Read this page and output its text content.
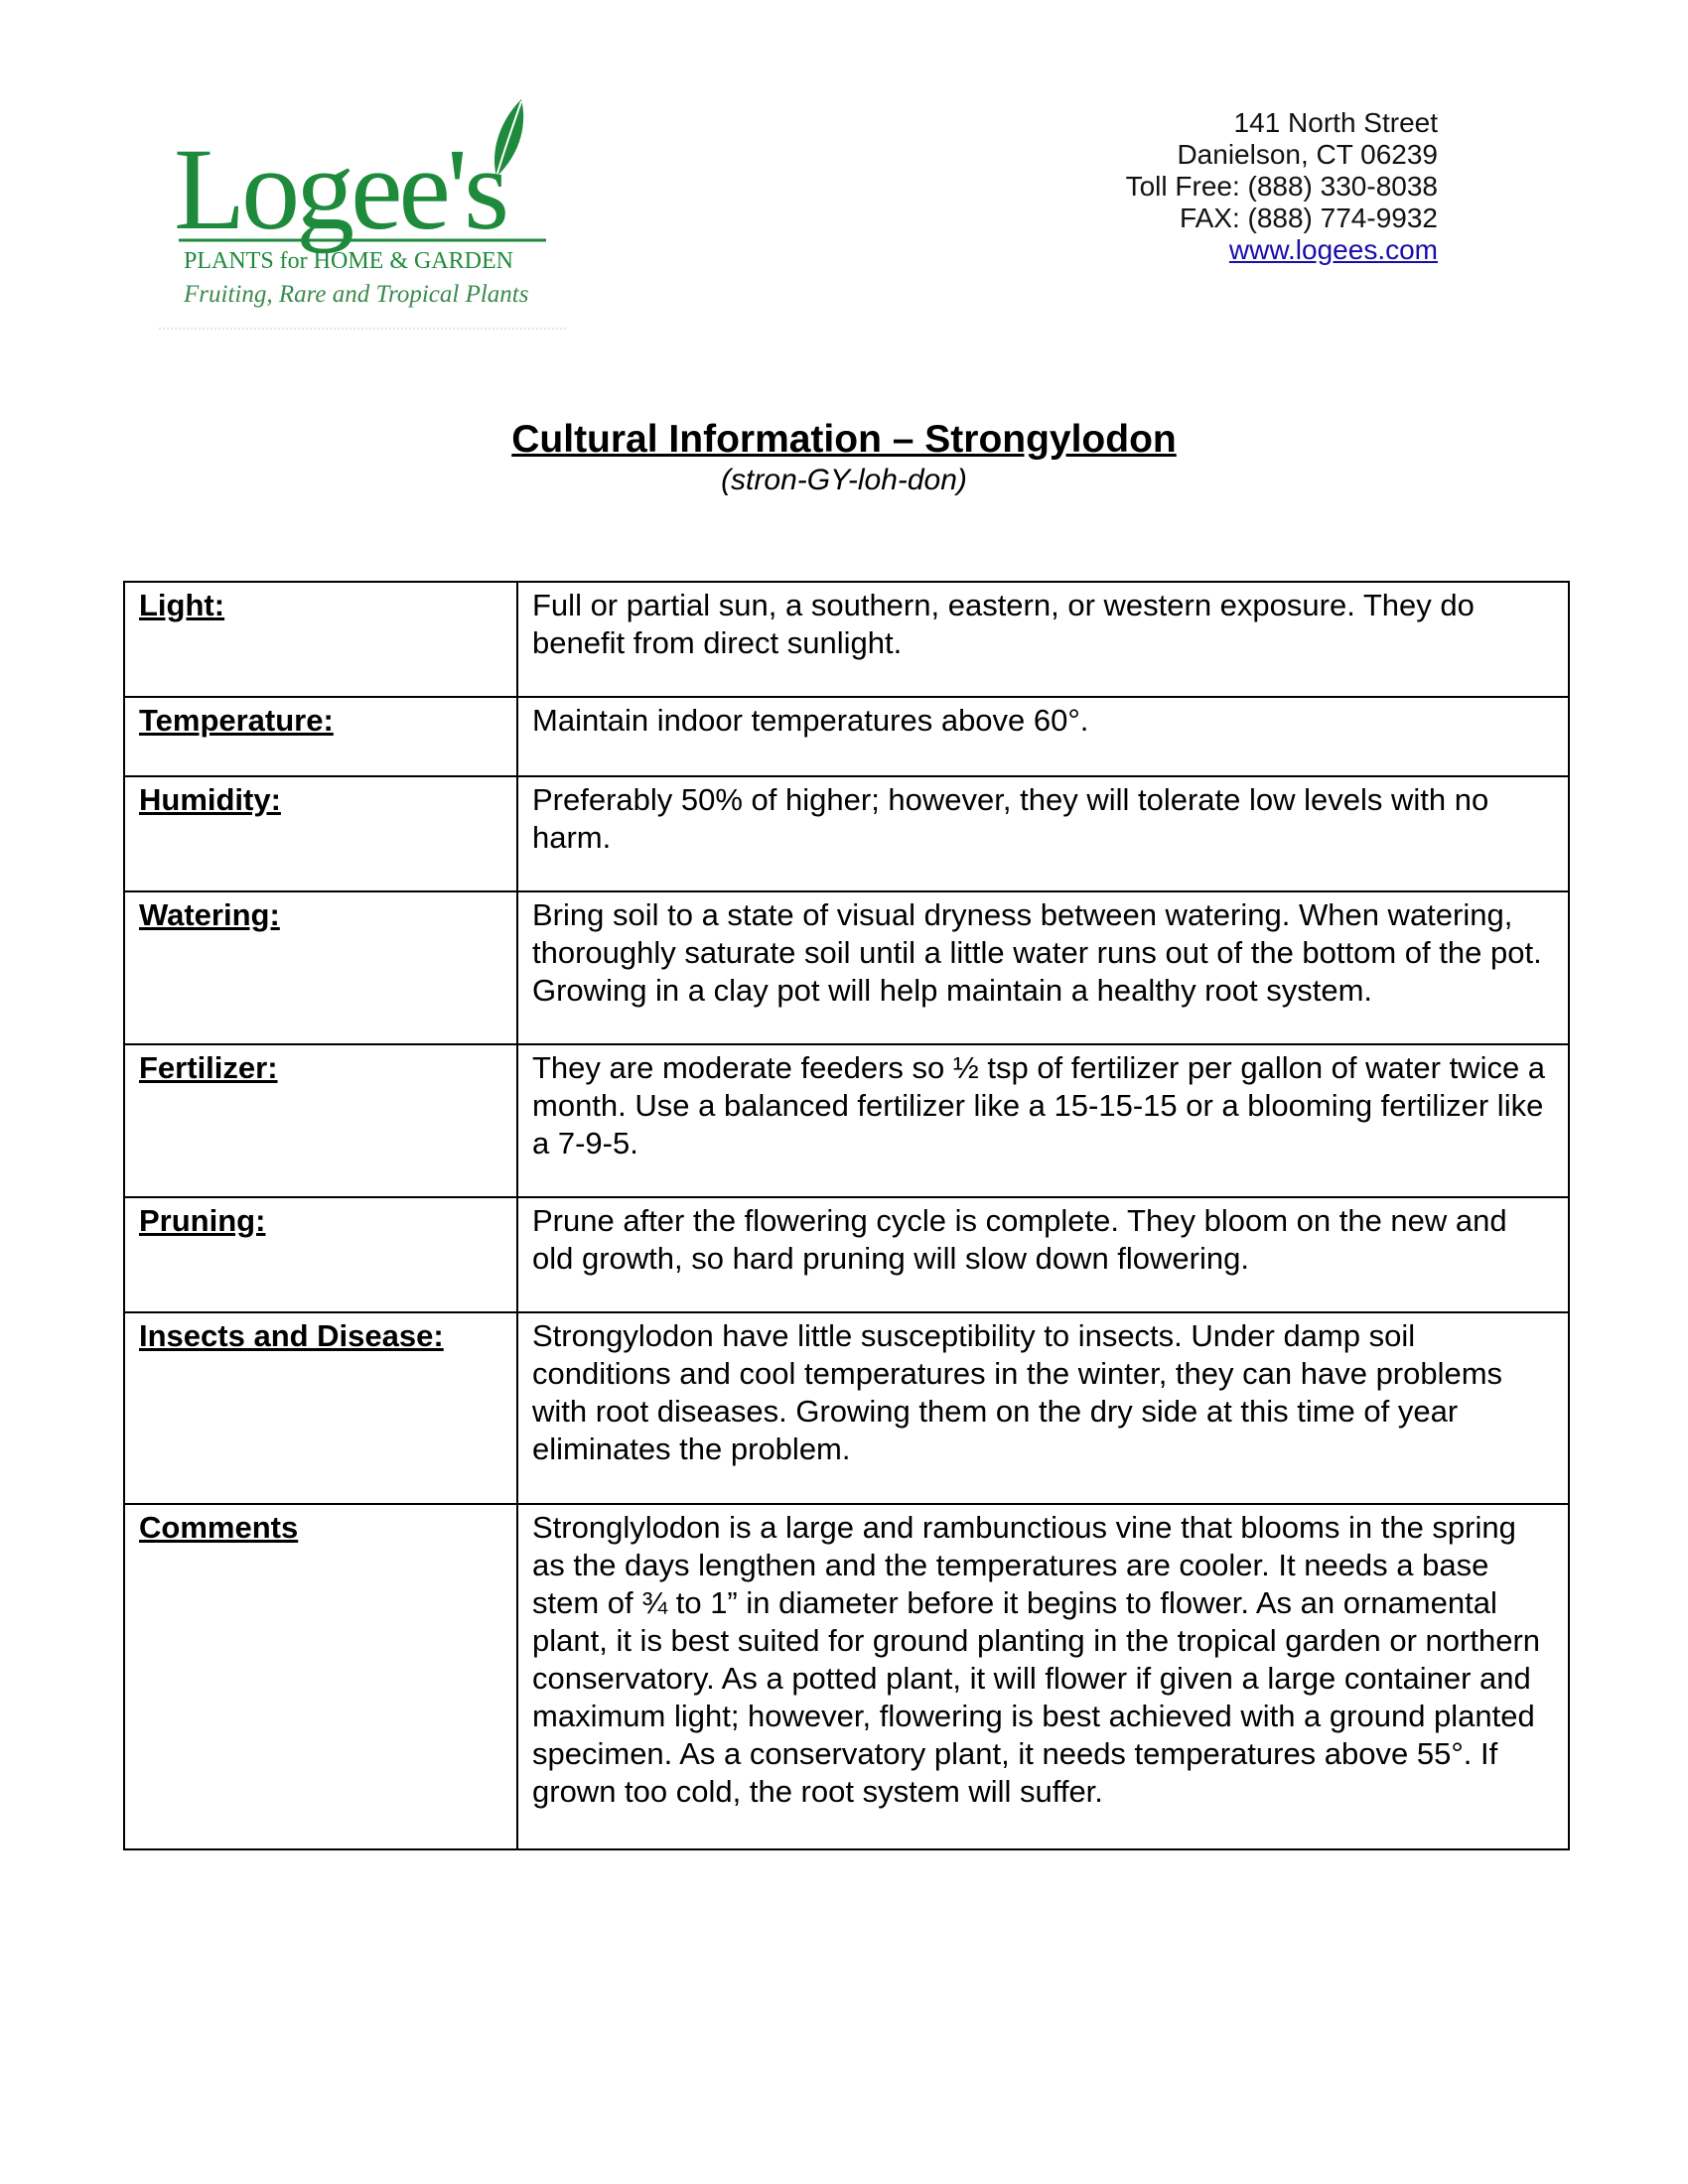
Logee's
PLANTS for HOME & GARDEN
Fruiting, Rare and Tropical Plants
141 North Street
Danielson, CT 06239
Toll Free: (888) 330-8038
FAX: (888) 774-9932
www.logees.com
Cultural Information – Strongylodon
(stron-GY-loh-don)
Light:	Full or partial sun, a southern, eastern, or western exposure. They do benefit from direct sunlight.
Temperature:	Maintain indoor temperatures above 60°.
Humidity:	Preferably 50% of higher; however, they will tolerate low levels with no harm.
Watering:	Bring soil to a state of visual dryness between watering. When watering, thoroughly saturate soil until a little water runs out of the bottom of the pot. Growing in a clay pot will help maintain a healthy root system.
Fertilizer:	They are moderate feeders so ½ tsp of fertilizer per gallon of water twice a month. Use a balanced fertilizer like a 15-15-15 or a blooming fertilizer like a 7-9-5.
Pruning:	Prune after the flowering cycle is complete. They bloom on the new and old growth, so hard pruning will slow down flowering.
Insects and Disease:	Strongylodon have little susceptibility to insects. Under damp soil conditions and cool temperatures in the winter, they can have problems with root diseases. Growing them on the dry side at this time of year eliminates the problem.
Comments	Stronglylodon is a large and rambunctious vine that blooms in the spring as the days lengthen and the temperatures are cooler. It needs a base stem of ¾ to 1” in diameter before it begins to flower. As an ornamental plant, it is best suited for ground planting in the tropical garden or northern conservatory. As a potted plant, it will flower if given a large container and maximum light; however, flowering is best achieved with a ground planted specimen. As a conservatory plant, it needs temperatures above 55°. If grown too cold, the root system will suffer.
